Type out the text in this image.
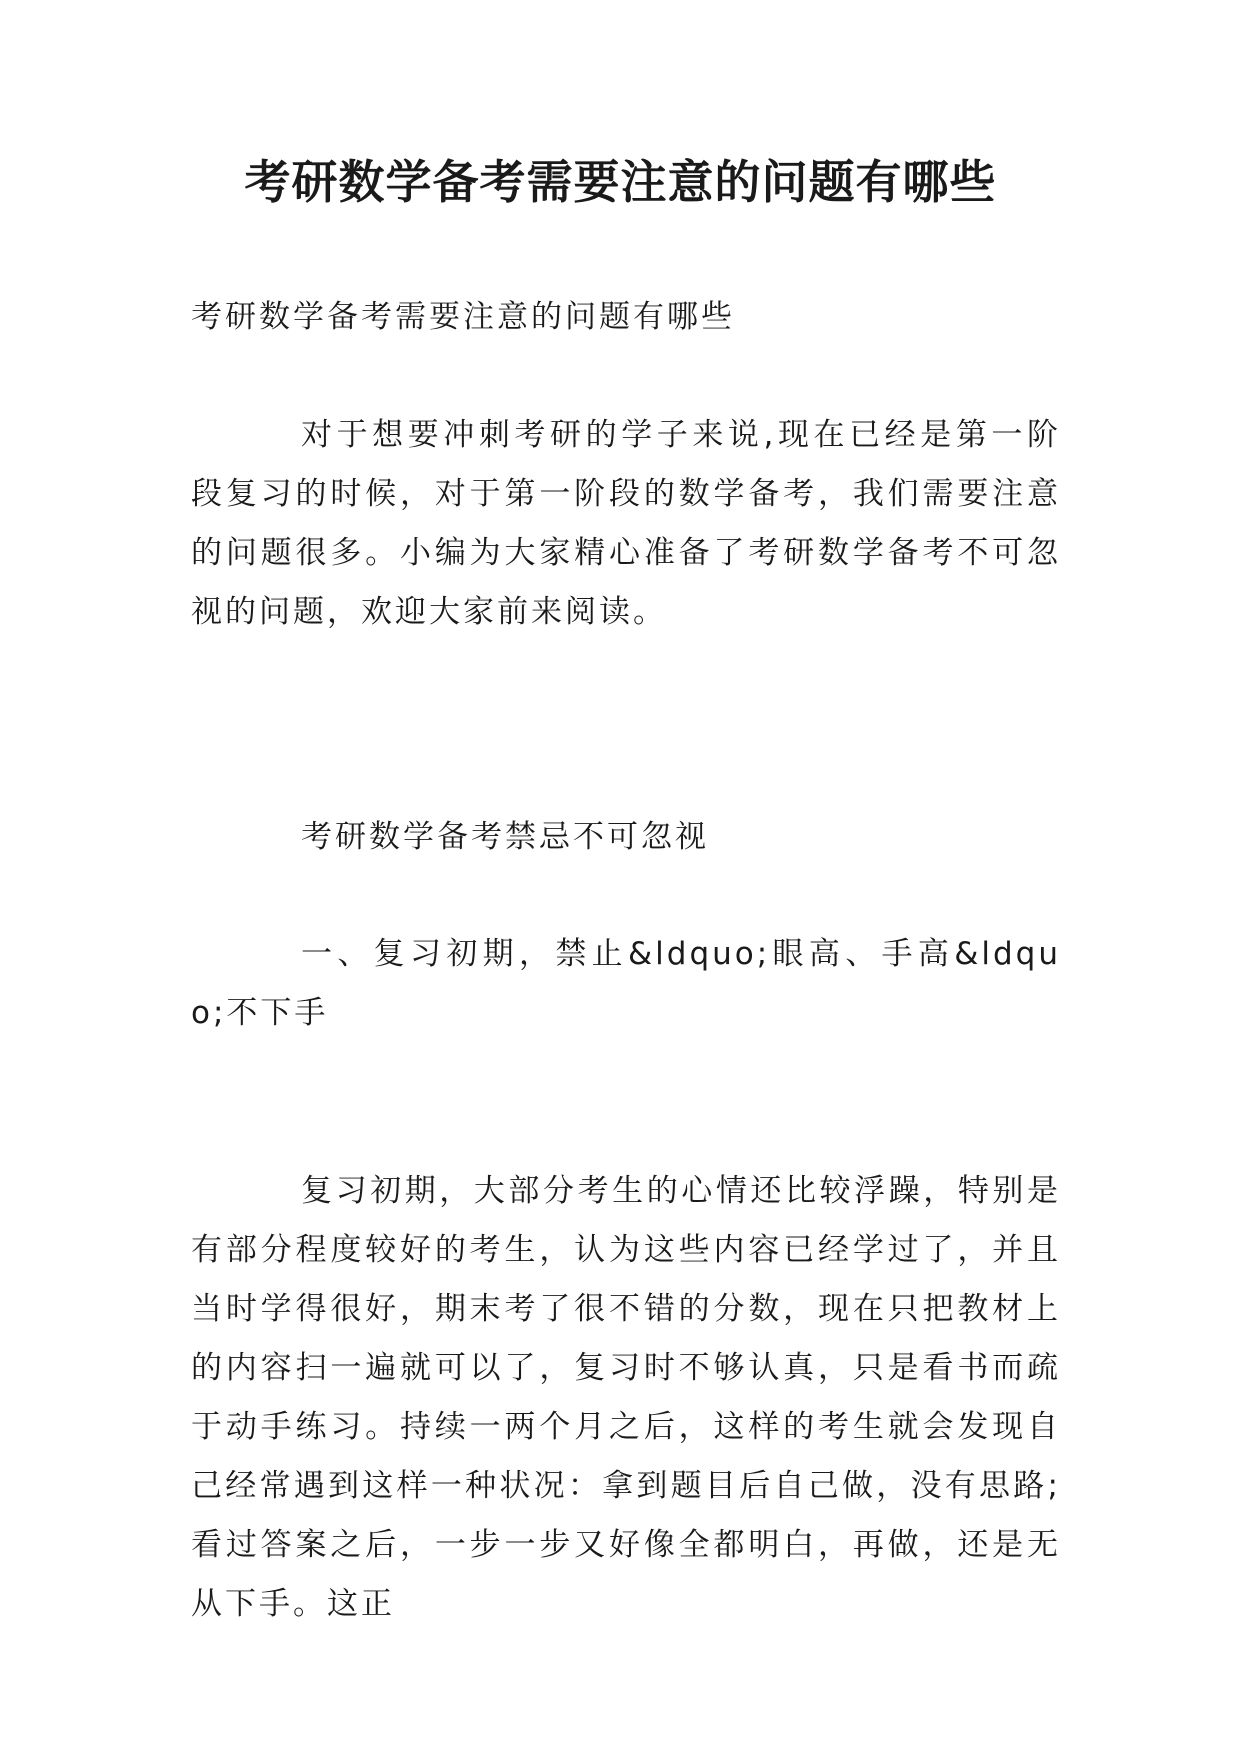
考研数学备考需要注意的问题有哪些
考研数学备考需要注意的问题有哪些
对于想要冲刺考研的学子来说,现在已经是第一阶段复习的时候，对于第一阶段的数学备考，我们需要注意的问题很多。小编为大家精心准备了考研数学备考不可忽视的问题，欢迎大家前来阅读。
考研数学备考禁忌不可忽视
一、复习初期，禁止&ldquo;眼高、手高&ldquo;不下手
复习初期，大部分考生的心情还比较浮躁，特别是有部分程度较好的考生，认为这些内容已经学过了，并且当时学得很好，期末考了很不错的分数，现在只把教材上的内容扫一遍就可以了，复习时不够认真，只是看书而疏于动手练习。持续一两个月之后，这样的考生就会发现自己经常遇到这样一种状况：拿到题目后自己做，没有思路;看过答案之后，一步一步又好像全都明白，再做，还是无从下手。这正
